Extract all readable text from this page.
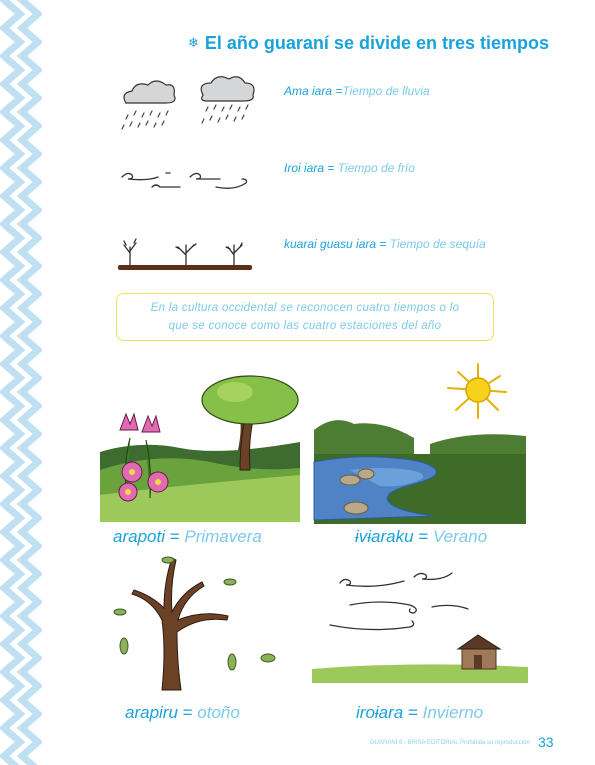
❄ El año guaraní se divide en tres tiempos
Ama iara =Tiempo de lluvia
Iroi iara = Tiempo de frío
kuarai guasu iara = Tiempo de sequía
En la cultura occidental se reconocen cuatro tiempos o lo
que se conoce como las cuatro estaciones del año
arapoti = Primavera	ɨvɨaraku = Verano
arapiru = otoño	iroɨara = Invierno
GUARANÍ 6 - BRISA EDITORIAL Prohibida su reproducción 33
